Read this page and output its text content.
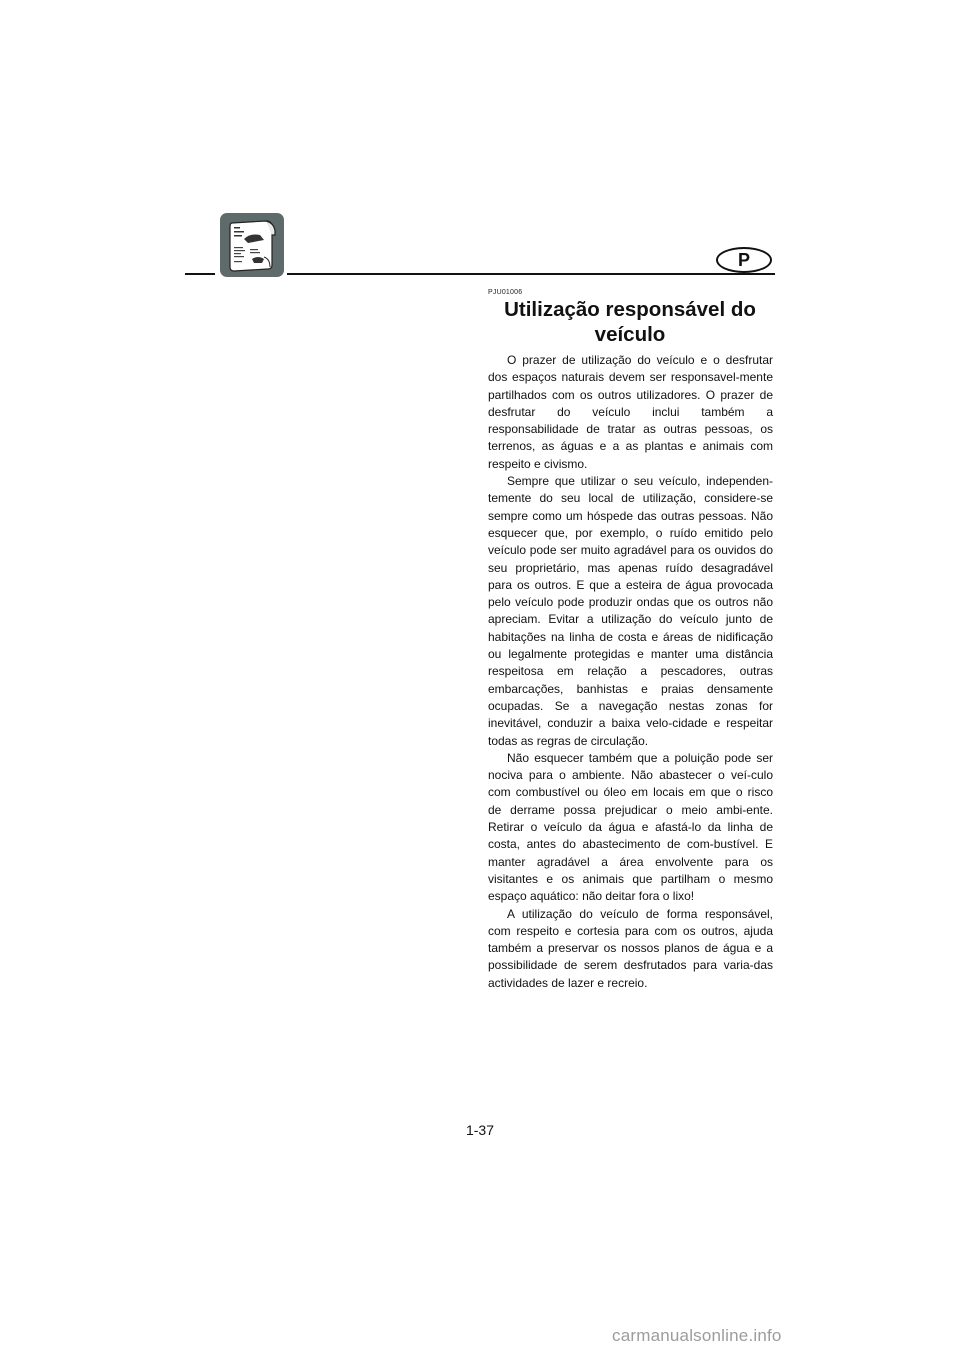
P
PJU01006
Utilização responsável do
veículo

O prazer de utilização do veículo e o desfrutar dos espaços naturais devem ser responsavel-mente partilhados com os outros utilizadores. O prazer de desfrutar do veículo inclui também a responsabilidade de tratar as outras pessoas, os terrenos, as águas e a as plantas e animais com respeito e civismo.

Sempre que utilizar o seu veículo, independen-temente do seu local de utilização, considere-se sempre como um hóspede das outras pessoas. Não esquecer que, por exemplo, o ruído emitido pelo veículo pode ser muito agradável para os ouvidos do seu proprietário, mas apenas ruído desagradável para os outros. E que a esteira de água provocada pelo veículo pode produzir ondas que os outros não apreciam. Evitar a utilização do veículo junto de habitações na linha de costa e áreas de nidificação ou legalmente protegidas e manter uma distância respeitosa em relação a pescadores, outras embarcações, banhistas e praias densamente ocupadas. Se a navegação nestas zonas for inevitável, conduzir a baixa velo-cidade e respeitar todas as regras de circulação.

Não esquecer também que a poluição pode ser nociva para o ambiente. Não abastecer o veí-culo com combustível ou óleo em locais em que o risco de derrame possa prejudicar o meio ambi-ente. Retirar o veículo da água e afastá-lo da linha de costa, antes do abastecimento de com-bustível. E manter agradável a área envolvente para os visitantes e os animais que partilham o mesmo espaço aquático: não deitar fora o lixo!

A utilização do veículo de forma responsável, com respeito e cortesia para com os outros, ajuda também a preservar os nossos planos de água e a possibilidade de serem desfrutados para varia-das actividades de lazer e recreio.

1-37
carmanualsonline.info
